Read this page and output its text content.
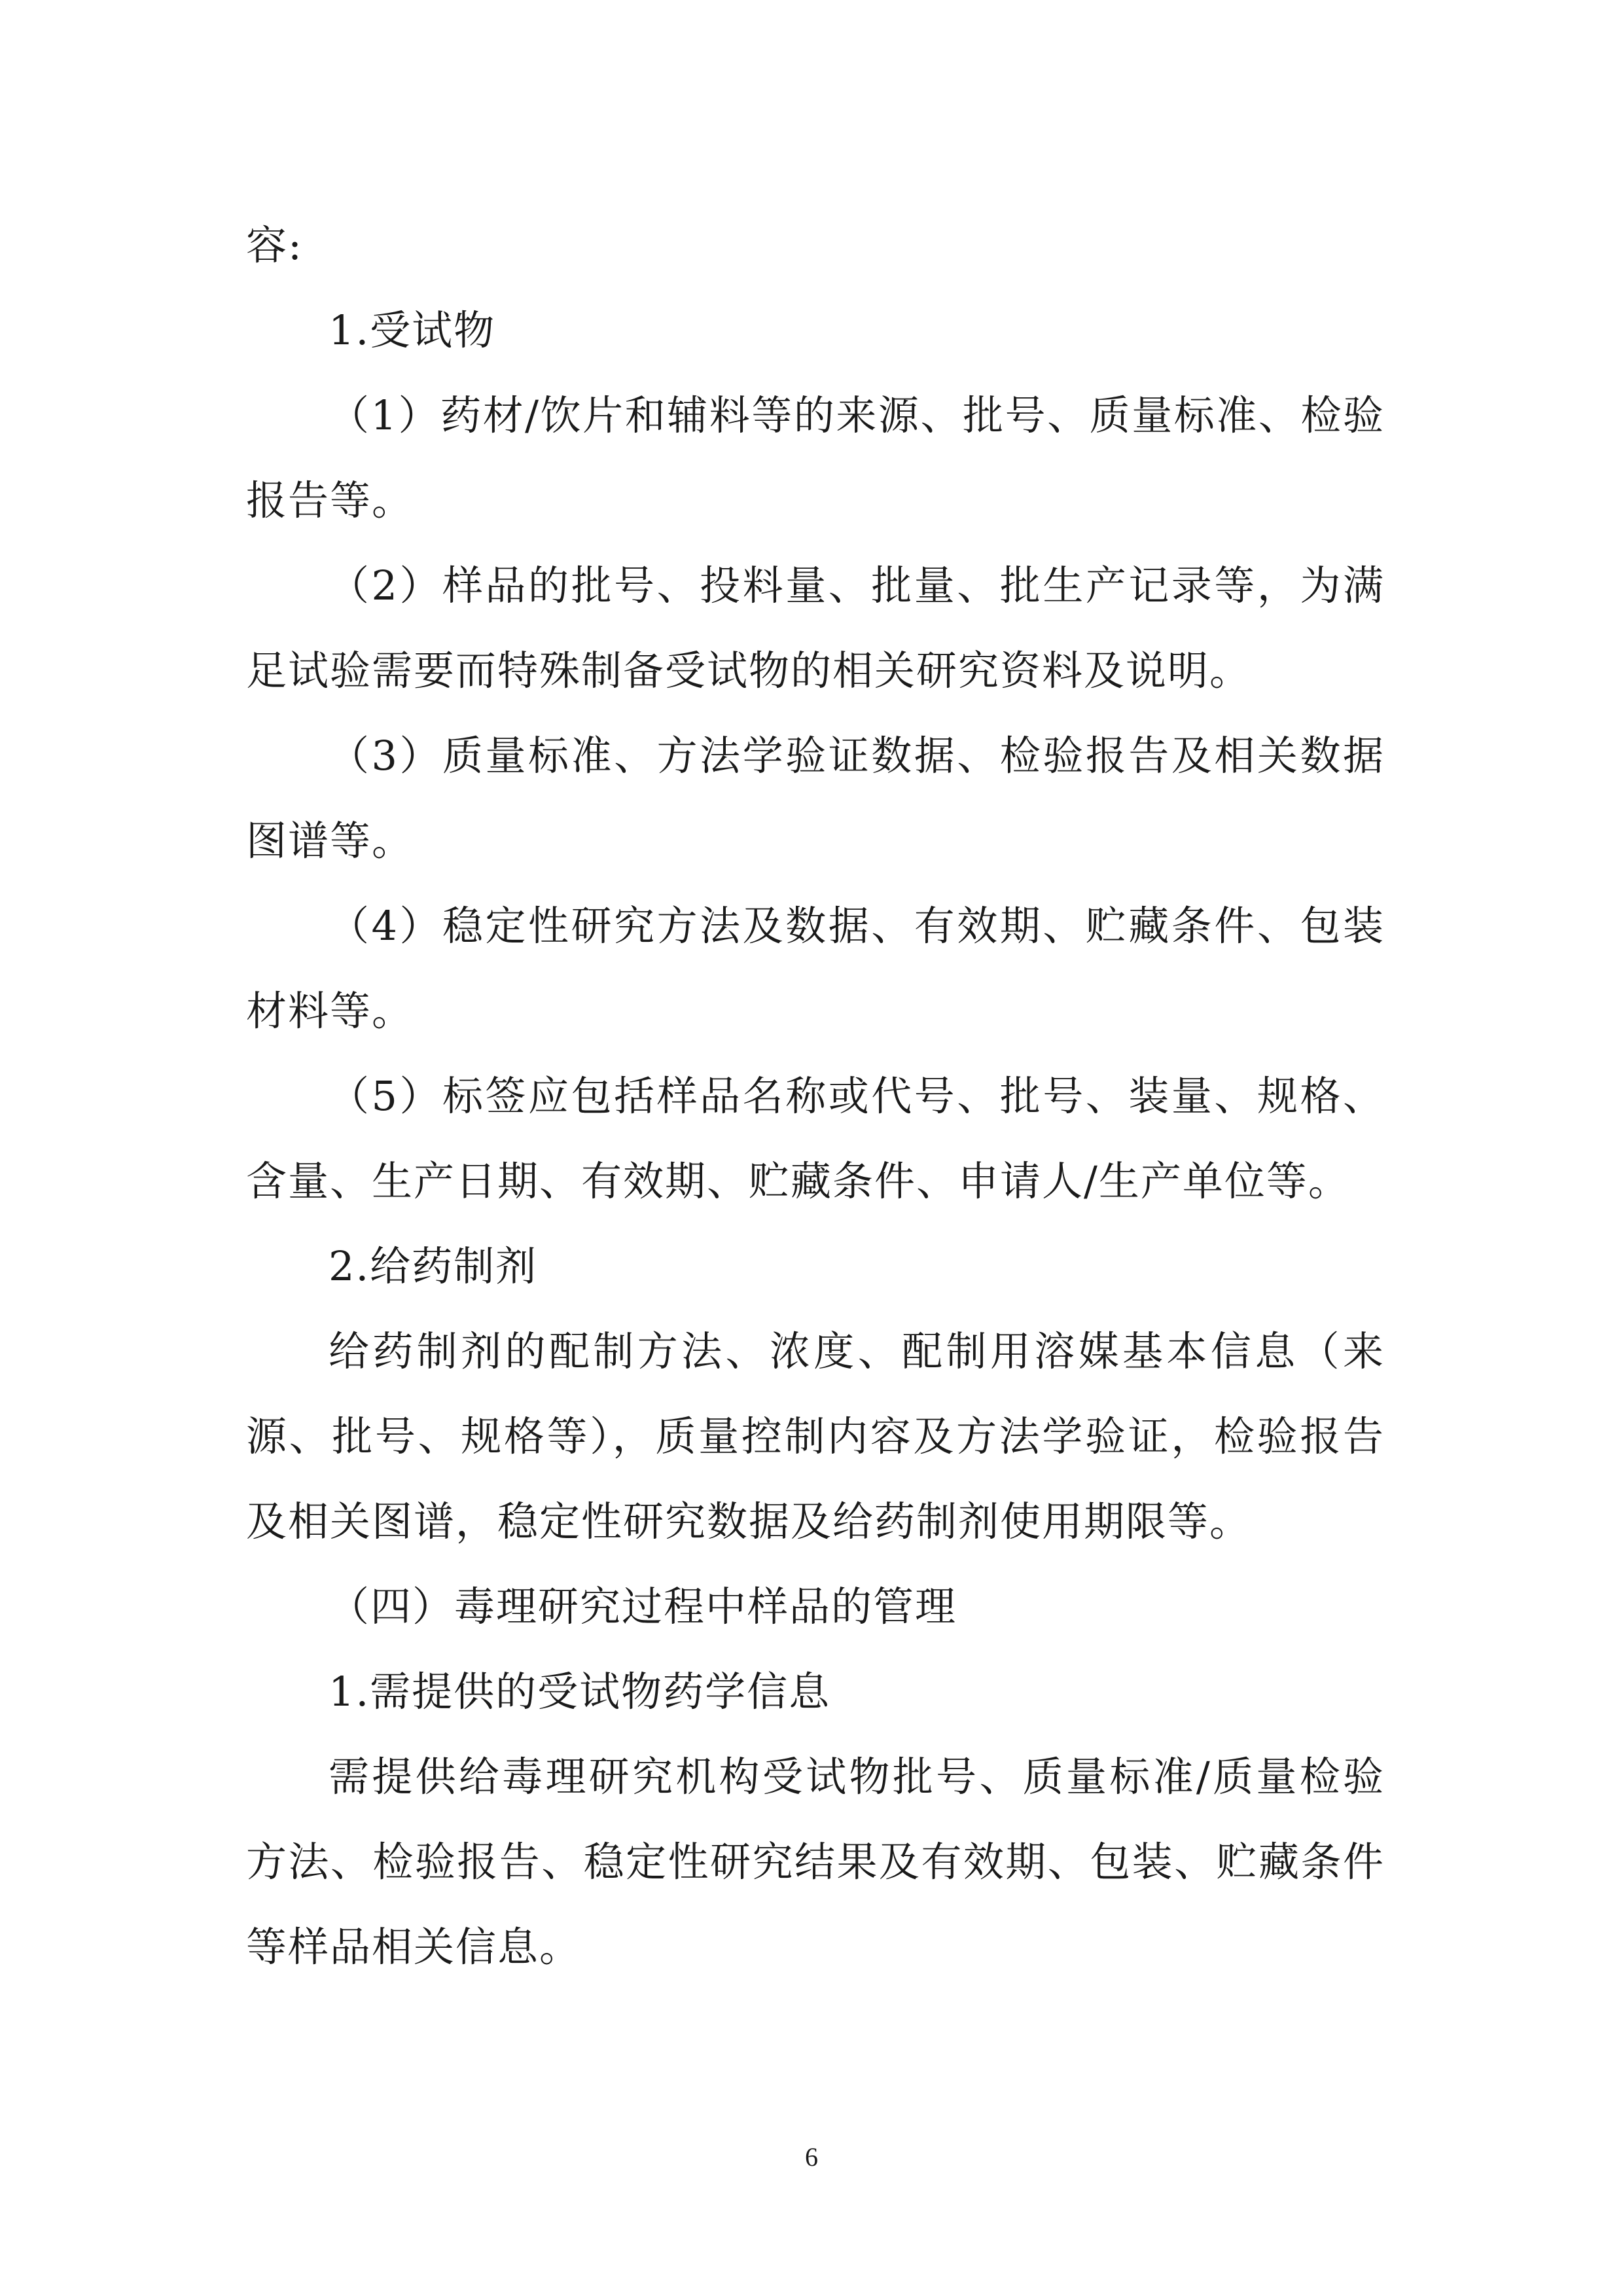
容:

1.受试物

（1）药材/饮片和辅料等的来源、批号、质量标准、检验报告等。

（2）样品的批号、投料量、批量、批生产记录等，为满足试验需要而特殊制备受试物的相关研究资料及说明。

（3）质量标准、方法学验证数据、检验报告及相关数据图谱等。

（4）稳定性研究方法及数据、有效期、贮藏条件、包装材料等。

（5）标签应包括样品名称或代号、批号、装量、规格、含量、生产日期、有效期、贮藏条件、申请人/生产单位等。

2.给药制剂

给药制剂的配制方法、浓度、配制用溶媒基本信息（来源、批号、规格等），质量控制内容及方法学验证，检验报告及相关图谱，稳定性研究数据及给药制剂使用期限等。

（四）毒理研究过程中样品的管理

1.需提供的受试物药学信息

需提供给毒理研究机构受试物批号、质量标准/质量检验方法、检验报告、稳定性研究结果及有效期、包装、贮藏条件等样品相关信息。

6
